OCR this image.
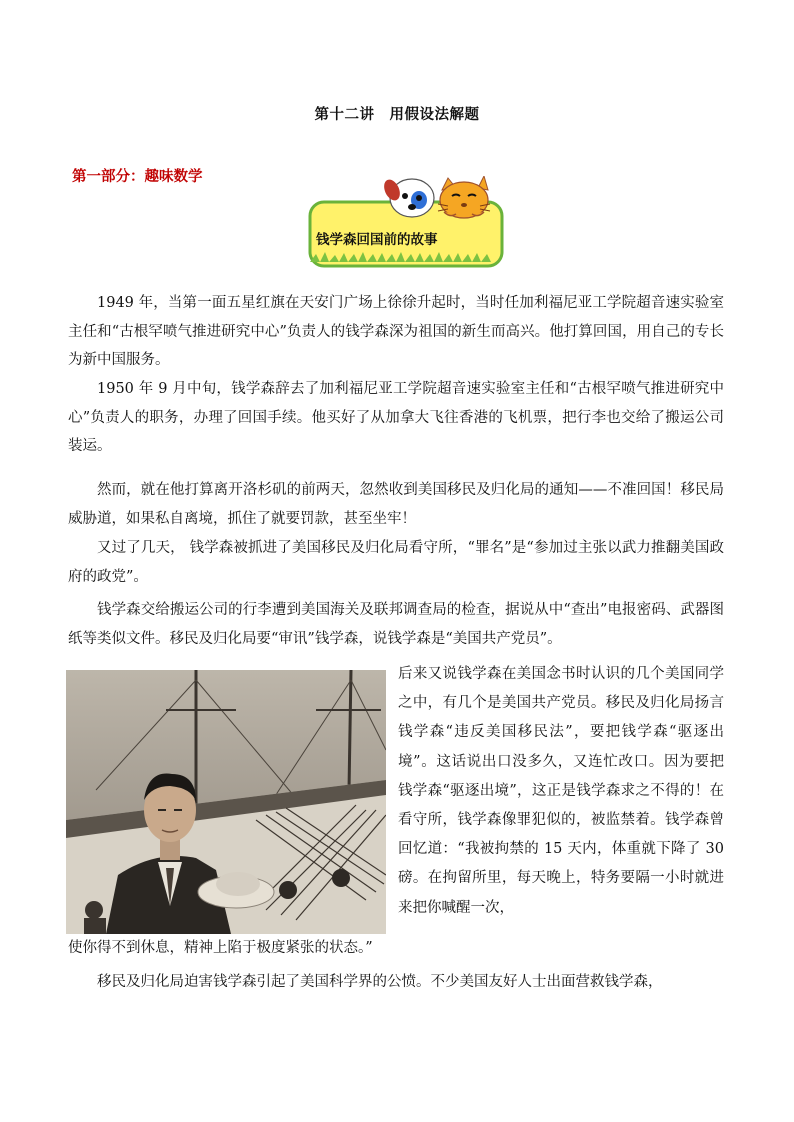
第十二讲　用假设法解题
第一部分：趣味数学
钱学森回国前的故事

1949 年，当第一面五星红旗在天安门广场上徐徐升起时，当时任加利福尼亚工学院超音速实验室主任和“古根罕喷气推进研究中心”负责人的钱学森深为祖国的新生而高兴。他打算回国，用自己的专长为新中国服务。

1950 年 9 月中旬，钱学森辞去了加利福尼亚工学院超音速实验室主任和“古根罕喷气推进研究中心”负责人的职务，办理了回国手续。他买好了从加拿大飞往香港的飞机票，把行李也交给了搬运公司装运。

然而，就在他打算离开洛杉矶的前两天，忽然收到美国移民及归化局的通知——不准回国！移民局威胁道，如果私自离境，抓住了就要罚款，甚至坐牢！

又过了几天， 钱学森被抓进了美国移民及归化局看守所，“罪名”是“参加过主张以武力推翻美国政府的政党”。

钱学森交给搬运公司的行李遭到美国海关及联邦调查局的检查，据说从中“查出”电报密码、武器图纸等类似文件。移民及归化局要“审讯”钱学森，说钱学森是“美国共产党员”。

后来又说钱学森在美国念书时认识的几个美国同学之中，有几个是美国共产党员。移民及归化局扬言钱学森“违反美国移民法”，要把钱学森“驱逐出境”。这话说出口没多久，又连忙改口。因为要把钱学森“驱逐出境”，这正是钱学森求之不得的！在看守所，钱学森像罪犯似的，被监禁着。钱学森曾回忆道：“我被拘禁的 15 天内，体重就下降了 30 磅。在拘留所里，每天晚上，特务要隔一小时就进来把你喊醒一次，

使你得不到休息，精神上陷于极度紧张的状态。”

移民及归化局迫害钱学森引起了美国科学界的公愤。不少美国友好人士出面营救钱学森，
